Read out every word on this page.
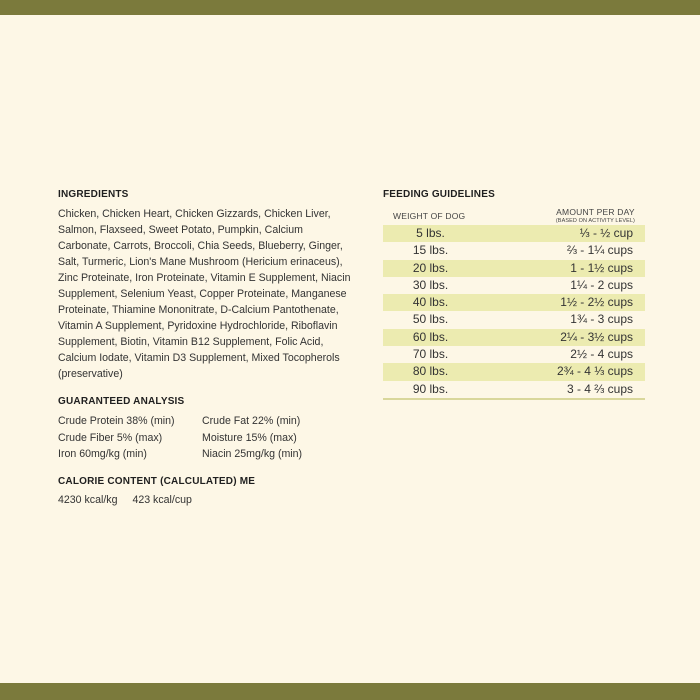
INGREDIENTS
Chicken, Chicken Heart, Chicken Gizzards, Chicken Liver, Salmon, Flaxseed, Sweet Potato, Pumpkin, Calcium Carbonate, Carrots, Broccoli, Chia Seeds, Blueberry, Ginger, Salt, Turmeric, Lion's Mane Mushroom (Hericium erinaceus), Zinc Proteinate, Iron Proteinate, Vitamin E Supplement, Niacin Supplement, Selenium Yeast, Copper Proteinate, Manganese Proteinate, Thiamine Mononitrate, D-Calcium Pantothenate, Vitamin A Supplement, Pyridoxine Hydrochloride, Riboflavin Supplement, Biotin, Vitamin B12 Supplement, Folic Acid, Calcium Iodate, Vitamin D3 Supplement, Mixed Tocopherols (preservative)
GUARANTEED ANALYSIS
Crude Protein 38% (min)	Crude Fat 22% (min)
Crude Fiber 5% (max)	Moisture 15% (max)
Iron 60mg/kg (min)	Niacin 25mg/kg (min)
CALORIE CONTENT (CALCULATED) ME
4230 kcal/kg 423 kcal/cup
FEEDING GUIDELINES
WEIGHT OF DOG	AMOUNT PER DAY
(BASED ON ACTIVITY LEVEL)
5 lbs.	⅓ - ½ cup
15 lbs.	⅔ - 1¼ cups
20 lbs.	1 - 1½ cups
30 lbs.	1¼ - 2 cups
40 lbs.	1½ - 2½ cups
50 lbs.	1¾ - 3 cups
60 lbs.	2¼ - 3½ cups
70 lbs.	2½ - 4 cups
80 lbs.	2¾ - 4 ⅓ cups
90 lbs.	3 - 4 ⅔ cups
